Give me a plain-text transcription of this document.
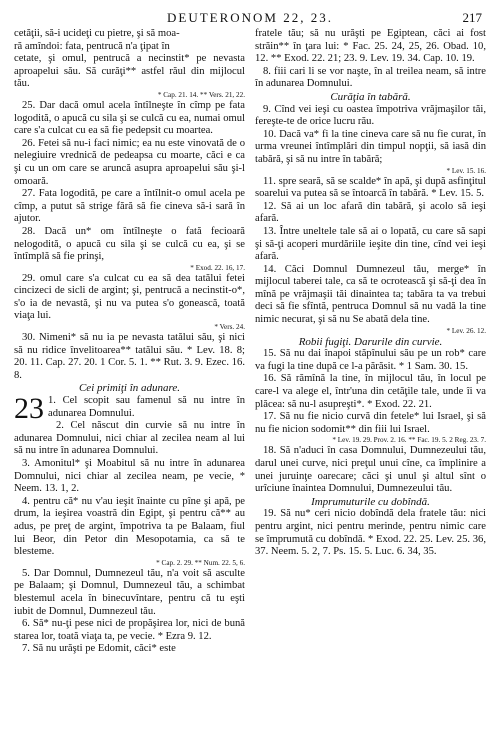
DEUTERONOM 22, 23.	217

cetăţii, să-i ucideţi cu pietre, şi să moa-

ră amîndoi: fata, pentrucă n'a ţipat în

cetate, şi omul, pentrucă a necinstit* pe nevasta aproapelui său. Să curăţi** astfel răul din mijlocul tău.

* Cap. 21. 14. ** Vers. 21, 22.

25. Dar dacă omul acela întîlneşte în cîmp pe fata logodită, o apucă cu sila şi se culcă cu ea, numai omul care s'a culcat cu ea să fie pedepsit cu moartea.

26. Fetei să nu-i faci nimic; ea nu este vinovată de o nelegiuire vrednică de pedeapsa cu moarte, căci e ca şi cu un om care se aruncă asupra aproapelui său şi-l omoară.

27. Fata logodită, pe care a întîlnit-o omul acela pe cîmp, a putut să strige fără să fie cineva să-i sară în ajutor.

28. Dacă un* om întîlneşte o fată fecioară nelogodită, o apucă cu sila şi se culcă cu ea, şi se întîmplă să fie prinşi,

* Exod. 22. 16, 17.

29. omul care s'a culcat cu ea să dea tatălui fetei cincizeci de sicli de argint; şi, pentrucă a necinstit-o*, s'o ia de nevastă, şi nu va putea s'o gonească, toată viaţa lui.

* Vers. 24.

30. Nimeni* să nu ia pe nevasta tatălui său, şi nici să nu ridice învelitoarea** tatălui său. * Lev. 18. 8; 20. 11. Cap. 27. 20. 1 Cor. 5. 1. ** Rut. 3. 9. Ezec. 16. 8.

Cei primiţi în adunare.

23 1. Cel scopit sau famenul să nu intre în adunarea Domnului.

2. Cel născut din curvie să nu intre în adunarea Domnului, nici chiar al zecilea neam al lui să nu intre în adunarea Domnului.

3. Amonitul* şi Moabitul să nu intre în adunarea Domnului, nici chiar al zecilea neam, pe vecie, * Neem. 13. 1, 2.

4. pentru că* nu v'au ieşit înainte cu pîne şi apă, pe drum, la ieşirea voastră din Egipt, şi pentru că** au adus, pe preţ de argint, împotriva ta pe Balaam, fiul lui Beor, din Petor din Mesopotamia, ca să te blesteme.

* Cap. 2. 29. ** Num. 22. 5, 6.

5. Dar Domnul, Dumnezeul tău, n'a voit să asculte pe Balaam; şi Domnul, Dumnezeul tău, a schimbat blestemul acela în binecuvîntare, pentru că tu eşti iubit de Domnul, Dumnezeul tău.

6. Să* nu-ţi pese nici de propăşirea lor, nici de bună starea lor, toată viaţa ta, pe vecie. * Ezra 9. 12.

7. Să nu urăşti pe Edomit, căci* este

fratele tău; să nu urăşti pe Egiptean, căci ai fost străin** în ţara lui: * Fac. 25. 24, 25, 26. Obad. 10, 12. ** Exod. 22. 21; 23. 9. Lev. 19. 34. Cap. 10. 19.

8. fiii cari li se vor naşte, în al treilea neam, să intre în adunarea Domnului.

Curăţia în tabără.

9. Cînd vei ieşi cu oastea împotriva vrăjmaşilor tăi, fereşte-te de orice lucru rău.

10. Dacă va* fi la tine cineva care să nu fie curat, în urma vreunei întîmplări din timpul nopţii, să iasă din tabără, şi să nu intre în tabără;

* Lev. 15. 16.

11. spre seară, să se scalde* în apă, şi după asfinţitul soarelui va putea să se întoarcă în tabără. * Lev. 15. 5.

12. Să ai un loc afară din tabără, şi acolo să ieşi afară.

13. Între uneltele tale să ai o lopată, cu care să sapi şi să-ţi acoperi murdăriile ieşite din tine, cînd vei ieşi afară.

14. Căci Domnul Dumnezeul tău, merge* în mijlocul taberei tale, ca să te ocrotească şi să-ţi dea în mînă pe vrăjmaşii tăi dinaintea ta; tabăra ta va trebui deci să fie sfîntă, pentruca Domnul să nu vadă la tine nimic necurat, şi să nu Se abată dela tine.

* Lev. 26. 12.

Robii fugiţi. Darurile din curvie.

15. Să nu dai înapoi stăpînului său pe un rob* care va fugi la tine după ce l-a părăsit. * 1 Sam. 30. 15.

16. Să rămînă la tine, în mijlocul tău, în locul pe care-l va alege el, într'una din cetăţile tale, unde îi va plăcea: să nu-l asupreşti*. * Exod. 22. 21.

17. Să nu fie nicio curvă din fetele* lui Israel, şi să nu fie nicion sodomit** din fiii lui Israel.

* Lev. 19. 29. Prov. 2. 16. ** Fac. 19. 5. 2 Reg. 23. 7.

18. Să n'aduci în casa Domnului, Dumnezeului tău, darul unei curve, nici preţul unui cîne, ca împlinire a unei juruinţe oarecare; căci şi unul şi altul sînt o urîciune înaintea Domnului, Dumnezeului tău.

Imprumuturile cu dobîndă.

19. Să nu* ceri nicio dobîndă dela fratele tău: nici pentru argint, nici pentru merinde, pentru nimic care se împrumută cu dobîndă. * Exod. 22. 25. Lev. 25. 36, 37. Neem. 5. 2, 7. Ps. 15. 5. Luc. 6. 34, 35.
